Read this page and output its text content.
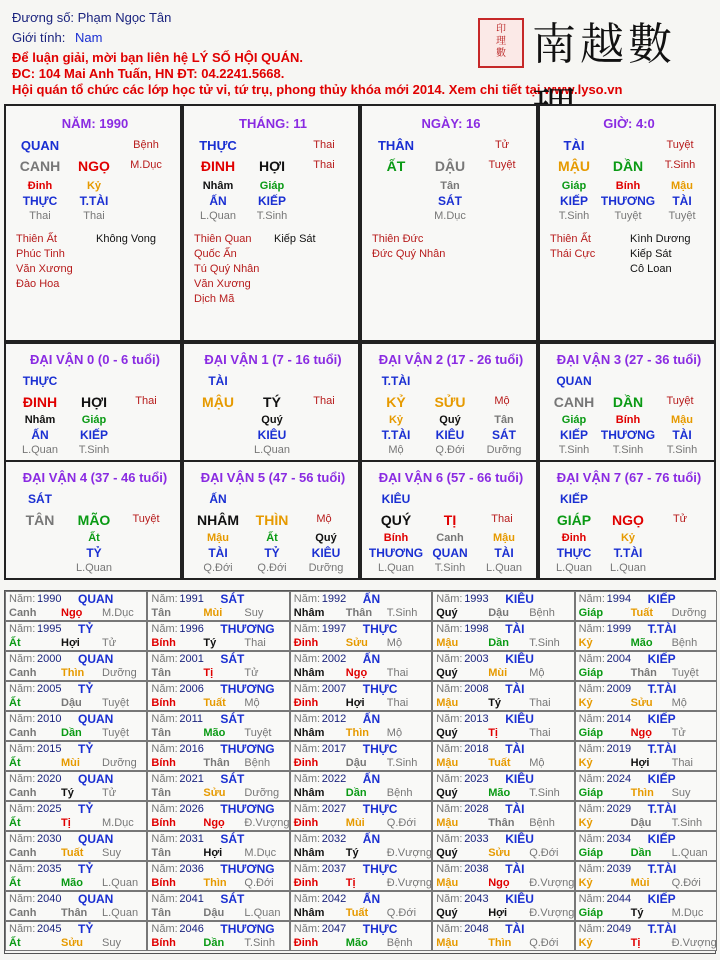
Đương số: Phạm Ngọc Tân
Giới tính: Nam
Để luận giải, mời bạn liên hệ LÝ SỐ HỘI QUÁN.
ĐC: 104 Mai Anh Tuấn, HN ĐT: 04.2241.5668.
Hội quán tổ chức các lớp học tử vi, tứ trụ, phong thủy khóa mới 2014. Xem chi tiết tại www.lyso.vn
印
理
數 南越數
NĂM: 1990
QUAN	Bệnh
CANH NGỌ M.Dục
Đinh
THỰC
Thai
Kỷ
T.TÀI
Thai
Thiên Ất
Phúc Tinh
Văn Xương
Đào Hoa
Không Vong
THÁNG: 11
THỰC	Thai
ĐINH HỢI	Thai
Nhâm
ẤN
L.Quan
Giáp
KIẾP
T.Sinh
Thiên Quan
Quốc Ấn
Tú Quý Nhân
Văn Xương
Dịch Mã
Kiếp Sát
NGÀY: 16
THÂN	Tử
ẤT DẬU Tuyệt
Tân
SÁT
M.Dục
Thiên Đức
Đức Quý Nhân
GIỜ: 4:0
TÀI	Tuyệt
MẬU DẦN T.Sinh
Giáp
KIẾP
T.Sinh
Bính
THƯƠNG
Tuyệt
Mậu
TÀI
Tuyệt
Thiên Ất
Thái Cực
Kình Dương
Kiếp Sát
Cô Loan
ĐẠI VẬN 0 (0 - 6 tuổi)
THỰC
ĐINH HỢI	Thai
Nhâm
ẤN
L.Quan
Giáp
KIẾP
T.Sinh
ĐẠI VẬN 1 (7 - 16 tuổi)
TÀI
MẬU TÝ	Thai
Quý
KIÊU
L.Quan
ĐẠI VẬN 2 (17 - 26 tuổi)
T.TÀI
KỶ SỬU	Mộ
Kỷ
T.TÀI
Mộ
Quý
KIÊU
Q.Đới
Tân
SÁT
Dưỡng
ĐẠI VẬN 3 (27 - 36 tuổi)
QUAN
CANH DẦN Tuyệt
Giáp
KIẾP
T.Sinh
Bính
THƯƠNG
T.Sinh
Mậu
TÀI
T.Sinh
ĐẠI VẬN 4 (37 - 46 tuổi)
SÁT
TÂN MÃO Tuyệt
Ất
TỶ
L.Quan
ĐẠI VẬN 5 (47 - 56 tuổi)
ẤN
NHÂM THÌN	Mộ
Mậu
TÀI
Q.Đới
Ất
TỶ
Q.Đới
Quý
KIÊU
Dưỡng
ĐẠI VẬN 6 (57 - 66 tuổi)
KIÊU
QUÝ TỊ	Thai
Bính
THƯƠNG
L.Quan
Canh
QUAN
T.Sinh
Mậu
TÀI
L.Quan
ĐẠI VẬN 7 (67 - 76 tuổi)
KIẾP
GIÁP NGỌ	Tử
Đinh
THỰC
L.Quan
Kỷ
T.TÀI
L.Quan
Năm: 1990 QUAN
Canh Ngọ M.Dục
Năm: 1991 SÁT
Tân	Mùi Suy
Năm: 1992 ẤN
Nhâm Thân T.Sinh
Năm: 1993 KIÊU
Quý	Dậu Bệnh
Năm: 1994 KIẾP
Giáp	Tuất Dưỡng
Năm: 1995 TỶ
Ất	Hợi Tử
Năm: 1996 THƯƠNG
Bính	Tý	Thai
Năm: 1997 THỰC
Đinh	Sửu Mộ
Năm: 1998 TÀI
Mậu	Dần T.Sinh
Năm: 1999 T.TÀI
Kỷ	Mão Bệnh
Năm: 2000 QUAN
Canh Thìn Dưỡng
Năm: 2001 SÁT
Tân	Tị	Tử
Năm: 2002 ẤN
Nhâm Ngọ Thai
Năm: 2003 KIÊU
Quý	Mùi Mộ
Năm: 2004 KIẾP
Giáp	Thân Tuyệt
Năm: 2005 TỶ
Ất	Dậu Tuyệt
Năm: 2006 THƯƠNG
Bính	Tuất Mộ
Năm: 2007 THỰC
Đinh	Hợi Thai
Năm: 2008 TÀI
Mậu	Tý	Thai
Năm: 2009 T.TÀI
Kỷ	Sửu Mộ
Năm: 2010 QUAN
Canh Dần Tuyệt
Năm: 2011 SÁT
Tân	Mão Tuyệt
Năm: 2012 ẤN
Nhâm Thìn Mộ
Năm: 2013 KIÊU
Quý	Tị	Thai
Năm: 2014 KIẾP
Giáp	Ngọ Tử
Năm: 2015 TỶ
Ất	Mùi Dưỡng
Năm: 2016 THƯƠNG
Bính	Thân Bệnh
Năm: 2017 THỰC
Đinh	Dậu T.Sinh
Năm: 2018 TÀI
Mậu	Tuất Mộ
Năm: 2019 T.TÀI
Kỷ	Hợi Thai
Năm: 2020 QUAN
Canh Tý	Tử
Năm: 2021 SÁT
Tân	Sửu Dưỡng
Năm: 2022 ẤN
Nhâm Dần Bệnh
Năm: 2023 KIÊU
Quý	Mão T.Sinh
Năm: 2024 KIẾP
Giáp	Thìn Suy
Năm: 2025 TỶ
Ất	Tị	M.Dục
Năm: 2026 THƯƠNG
Bính	Ngọ Đ.Vượng
Năm: 2027 THỰC
Đinh	Mùi Q.Đới
Năm: 2028 TÀI
Mậu	Thân Bệnh
Năm: 2029 T.TÀI
Kỷ	Dậu T.Sinh
Năm: 2030 QUAN
Canh Tuất Suy
Năm: 2031 SÁT
Tân	Hợi M.Dục
Năm: 2032 ẤN
Nhâm Tý	Đ.Vượng
Năm: 2033 KIÊU
Quý	Sửu Q.Đới
Năm: 2034 KIẾP
Giáp	Dần L.Quan
Năm: 2035 TỶ
Ất	Mão L.Quan
Năm: 2036 THƯƠNG
Bính	Thìn Q.Đới
Năm: 2037 THỰC
Đinh	Tị	Đ.Vượng
Năm: 2038 TÀI
Mậu	Ngọ Đ.Vượng
Năm: 2039 T.TÀI
Kỷ	Mùi Q.Đới
Năm: 2040 QUAN
Canh Thân L.Quan
Năm: 2041 SÁT
Tân	Dậu L.Quan
Năm: 2042 ẤN
Nhâm Tuất Q.Đới
Năm: 2043 KIÊU
Quý	Hợi Đ.Vượng
Năm: 2044 KIẾP
Giáp	Tý	M.Dục
Năm: 2045 TỶ
Ất	Sửu Suy
Năm: 2046 THƯƠNG
Bính	Dần T.Sinh
Năm: 2047 THỰC
Đinh	Mão Bệnh
Năm: 2048 TÀI
Mậu	Thìn Q.Đới
Năm: 2049 T.TÀI
Kỷ	Tị	Đ.Vượng
